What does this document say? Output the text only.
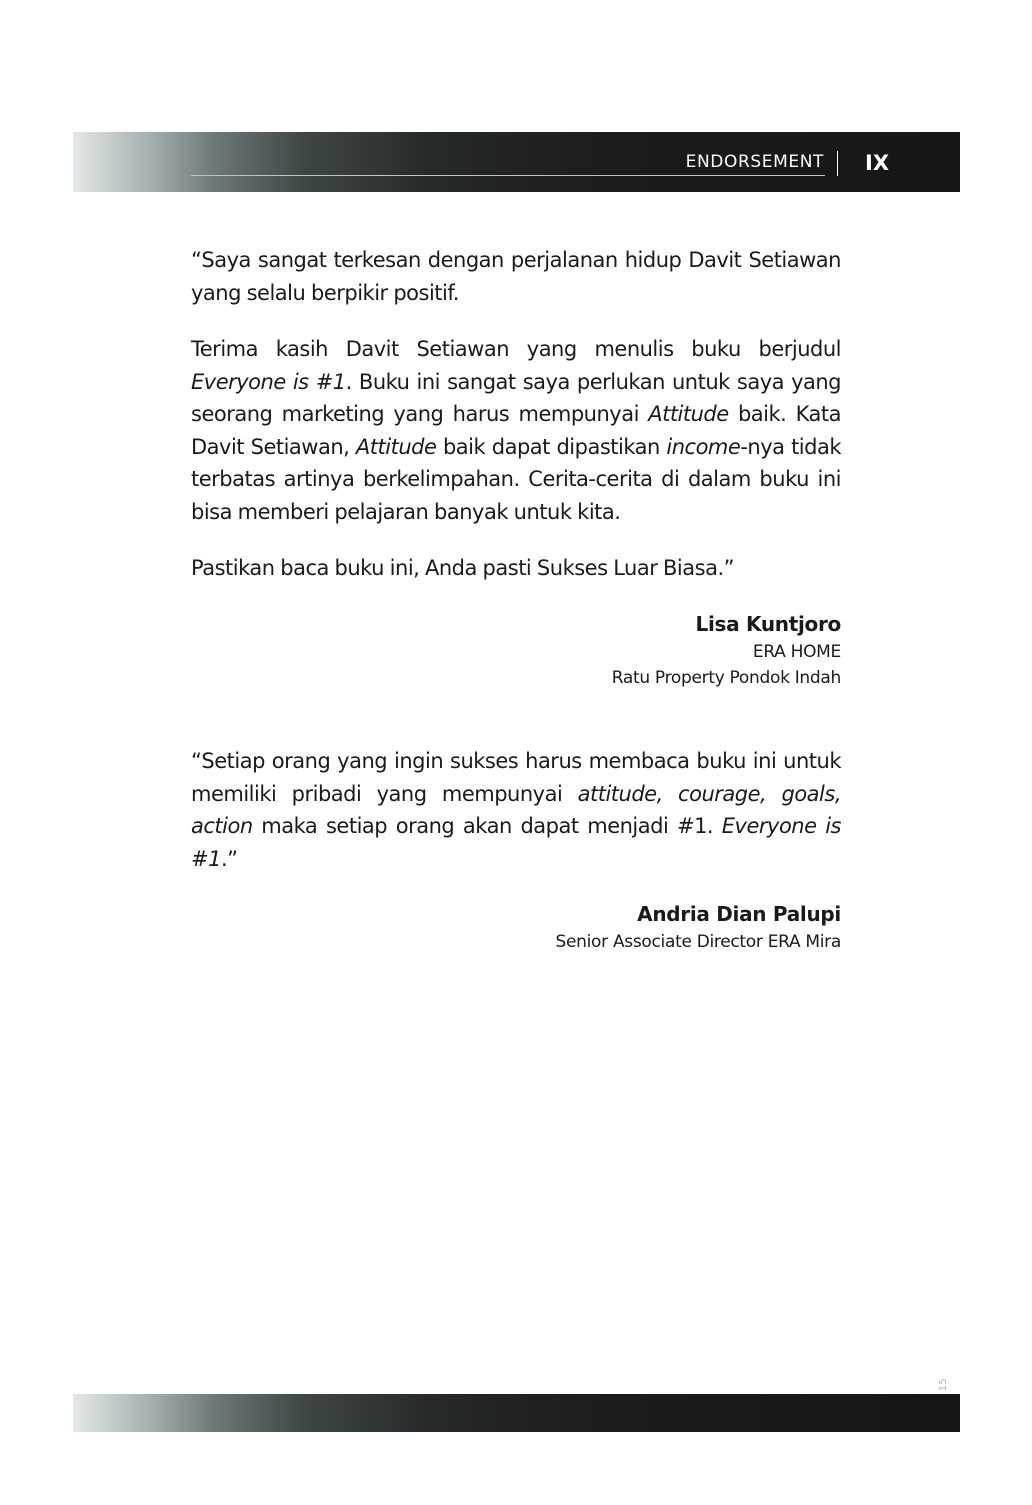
ENDORSEMENT IX

“Saya sangat terkesan dengan perjalanan hidup Davit Setiawan yang selalu berpikir positif.

Terima kasih Davit Setiawan yang menulis buku berjudul Everyone is #1. Buku ini sangat saya perlukan untuk saya yang seorang marketing yang harus mempunyai Attitude baik. Kata Davit Setiawan, Attitude baik dapat dipastikan income-nya tidak terbatas artinya berkelimpahan. Cerita-cerita di dalam buku ini bisa memberi pelajaran banyak untuk kita.

Pastikan baca buku ini, Anda pasti Sukses Luar Biasa.”

Lisa Kuntjoro
ERA HOME
Ratu Property Pondok Indah

“Setiap orang yang ingin sukses harus membaca buku ini untuk memiliki pribadi yang mempunyai attitude, courage, goals, action maka setiap orang akan dapat menjadi #1. Everyone is #1.”

Andria Dian Palupi
Senior Associate Director ERA Mira
15
